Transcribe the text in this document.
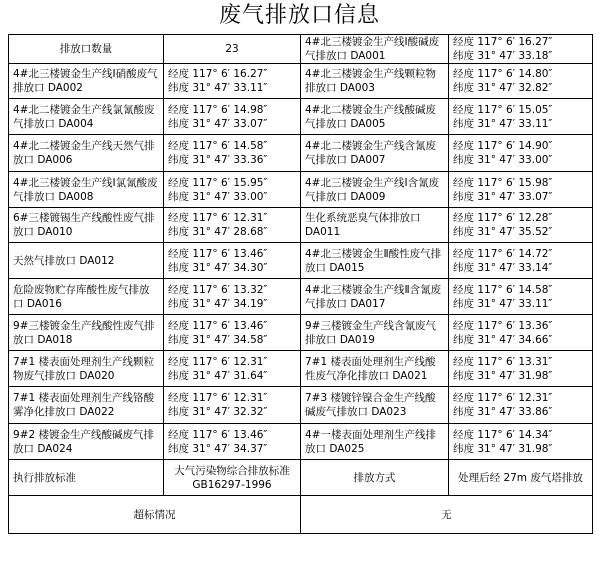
废气排放口信息
排放口数量	23	4#北三楼镀金生产线Ⅰ酸碱废气排放口 DA001	经度 117° 6′ 16.27″
纬度 31° 47′ 33.18″

4#北三楼镀金生产线Ⅰ硝酸废气排放口 DA002	经度 117° 6′ 16.27″
纬度 31° 47′ 33.11″	4#北三楼镀金生产线颗粒物排放口 DA003	经度 117° 6′ 14.80″
纬度 31° 47′ 32.82″

4#北二楼镀金生产线氯氰酸废气排放口 DA004	经度 117° 6′ 14.98″
纬度 31° 47′ 33.07″	4#北二楼镀金生产线酸碱废气排放口 DA005	经度 117° 6′ 15.05″
纬度 31° 47′ 33.11″

4#北二楼镀金生产线天然气排放口 DA006	经度 117° 6′ 14.58″
纬度 31° 47′ 33.36″	4#北二楼镀金生产线含氰废气排放口 DA007	经度 117° 6′ 14.90″
纬度 31° 47′ 33.00″

4#北三楼镀金生产线Ⅰ氯氰酸废气排放口 DA008	经度 117° 6′ 15.95″
纬度 31° 47′ 33.00″	4#北三楼镀金生产线Ⅰ含氰废气排放口 DA009	经度 117° 6′ 15.98″
纬度 31° 47′ 33.07″

6#三楼镀锡生产线酸性废气排放口 DA010	经度 117° 6′ 12.31″
纬度 31° 47′ 28.68″	生化系统恶臭气体排放口 DA011	经度 117° 6′ 12.28″
纬度 31° 47′ 35.52″

天然气排放口 DA012	经度 117° 6′ 13.46″
纬度 31° 47′ 34.30″	4#北三楼镀金生Ⅱ酸性废气排放口 DA015	经度 117° 6′ 14.72″
纬度 31° 47′ 33.14″

危险废物贮存库酸性废气排放口 DA016	经度 117° 6′ 13.32″
纬度 31° 47′ 34.19″	4#北三楼镀金生产线Ⅱ含氰废气排放口 DA017	经度 117° 6′ 14.58″
纬度 31° 47′ 33.11″

9#三楼镀金生产线酸性废气排放口 DA018	经度 117° 6′ 13.46″
纬度 31° 47′ 34.58″	9#三楼镀金生产线含氰废气排放口 DA019	经度 117° 6′ 13.36″
纬度 31° 47′ 34.66″

7#1 楼表面处理剂生产线颗粒物废气排放口 DA020	经度 117° 6′ 12.31″
纬度 31° 47′ 31.64″	7#1 楼表面处理剂生产线酸性废气净化排放口 DA021	经度 117° 6′ 13.31″
纬度 31° 47′ 31.98″

7#1 楼表面处理剂生产线铬酸雾净化排放口 DA022	经度 117° 6′ 12.31″
纬度 31° 47′ 32.32″	7#3 楼镀锌镍合金生产线酸碱废气排放口 DA023	经度 117° 6′ 12.31″
纬度 31° 47′ 33.86″

9#2 楼镀金生产线酸碱废气排放口 DA024	经度 117° 6′ 13.46″
纬度 31° 47′ 34.37″	4#一楼表面处理剂生产线排放口 DA025	经度 117° 6′ 14.34″
纬度 31° 47′ 31.98″

执行排放标准	大气污染物综合排放标准 GB16297-1996	排放方式	处理后经 27m 废气塔排放
超标情况		无	
